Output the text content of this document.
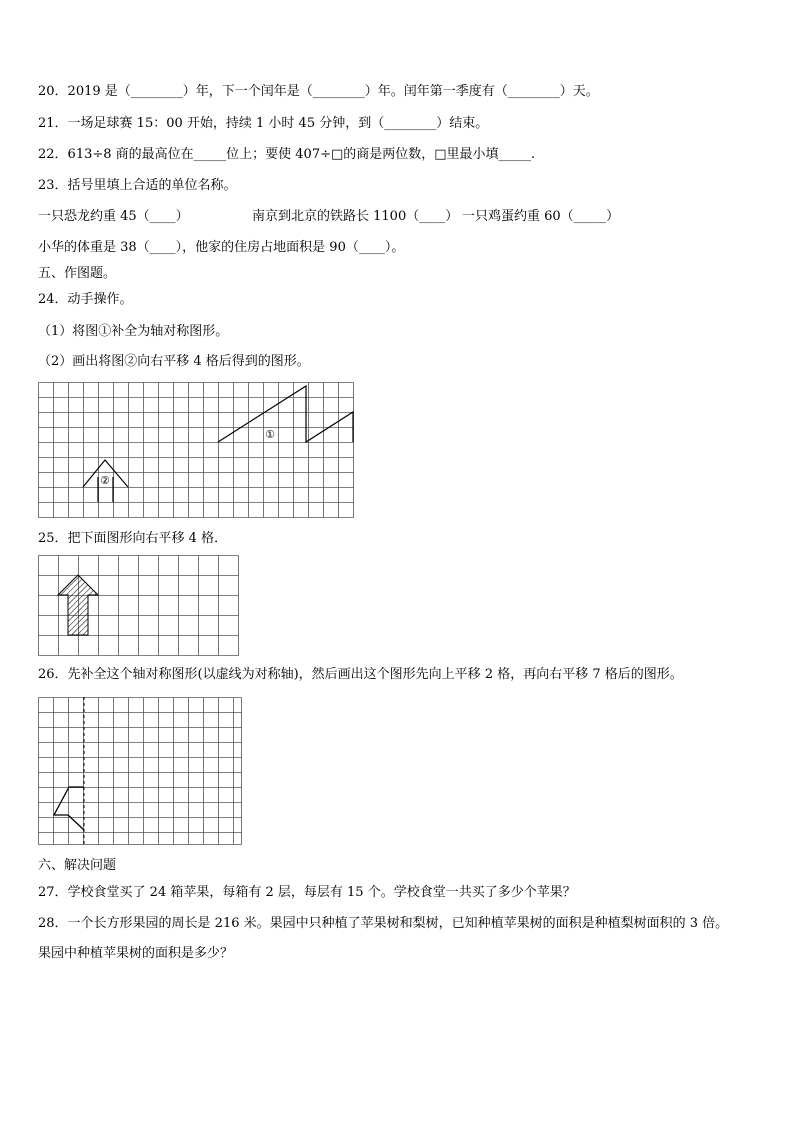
20．2019 是（________）年，下一个闰年是（________）年。闰年第一季度有（________）天。
21．一场足球赛 15：00 开始，持续 1 小时 45 分钟，到（________）结束。
22．613÷8 商的最高位在_____位上；要使 407÷□的商是两位数，□里最小填_____.
23．括号里填上合适的单位名称。
一只恐龙约重 45（____）	南京到北京的铁路长 1100（____） 一只鸡蛋约重 60（_____）
小华的体重是 38（____），他家的住房占地面积是 90（____）。
五、作图题。
24．动手操作。
（1）将图①补全为轴对称图形。
（2）画出将图②向右平移 4 格后得到的图形。
①
②
25．把下面图形向右平移 4 格．
26．先补全这个轴对称图形(以虚线为对称轴)，然后画出这个图形先向上平移 2 格，再向右平移 7 格后的图形。
六、解决问题
27．学校食堂买了 24 箱苹果，每箱有 2 层，每层有 15 个。学校食堂一共买了多少个苹果？
28．一个长方形果园的周长是 216 米。果园中只种植了苹果树和梨树，已知种植苹果树的面积是种植梨树面积的 3 倍。
果园中种植苹果树的面积是多少？
